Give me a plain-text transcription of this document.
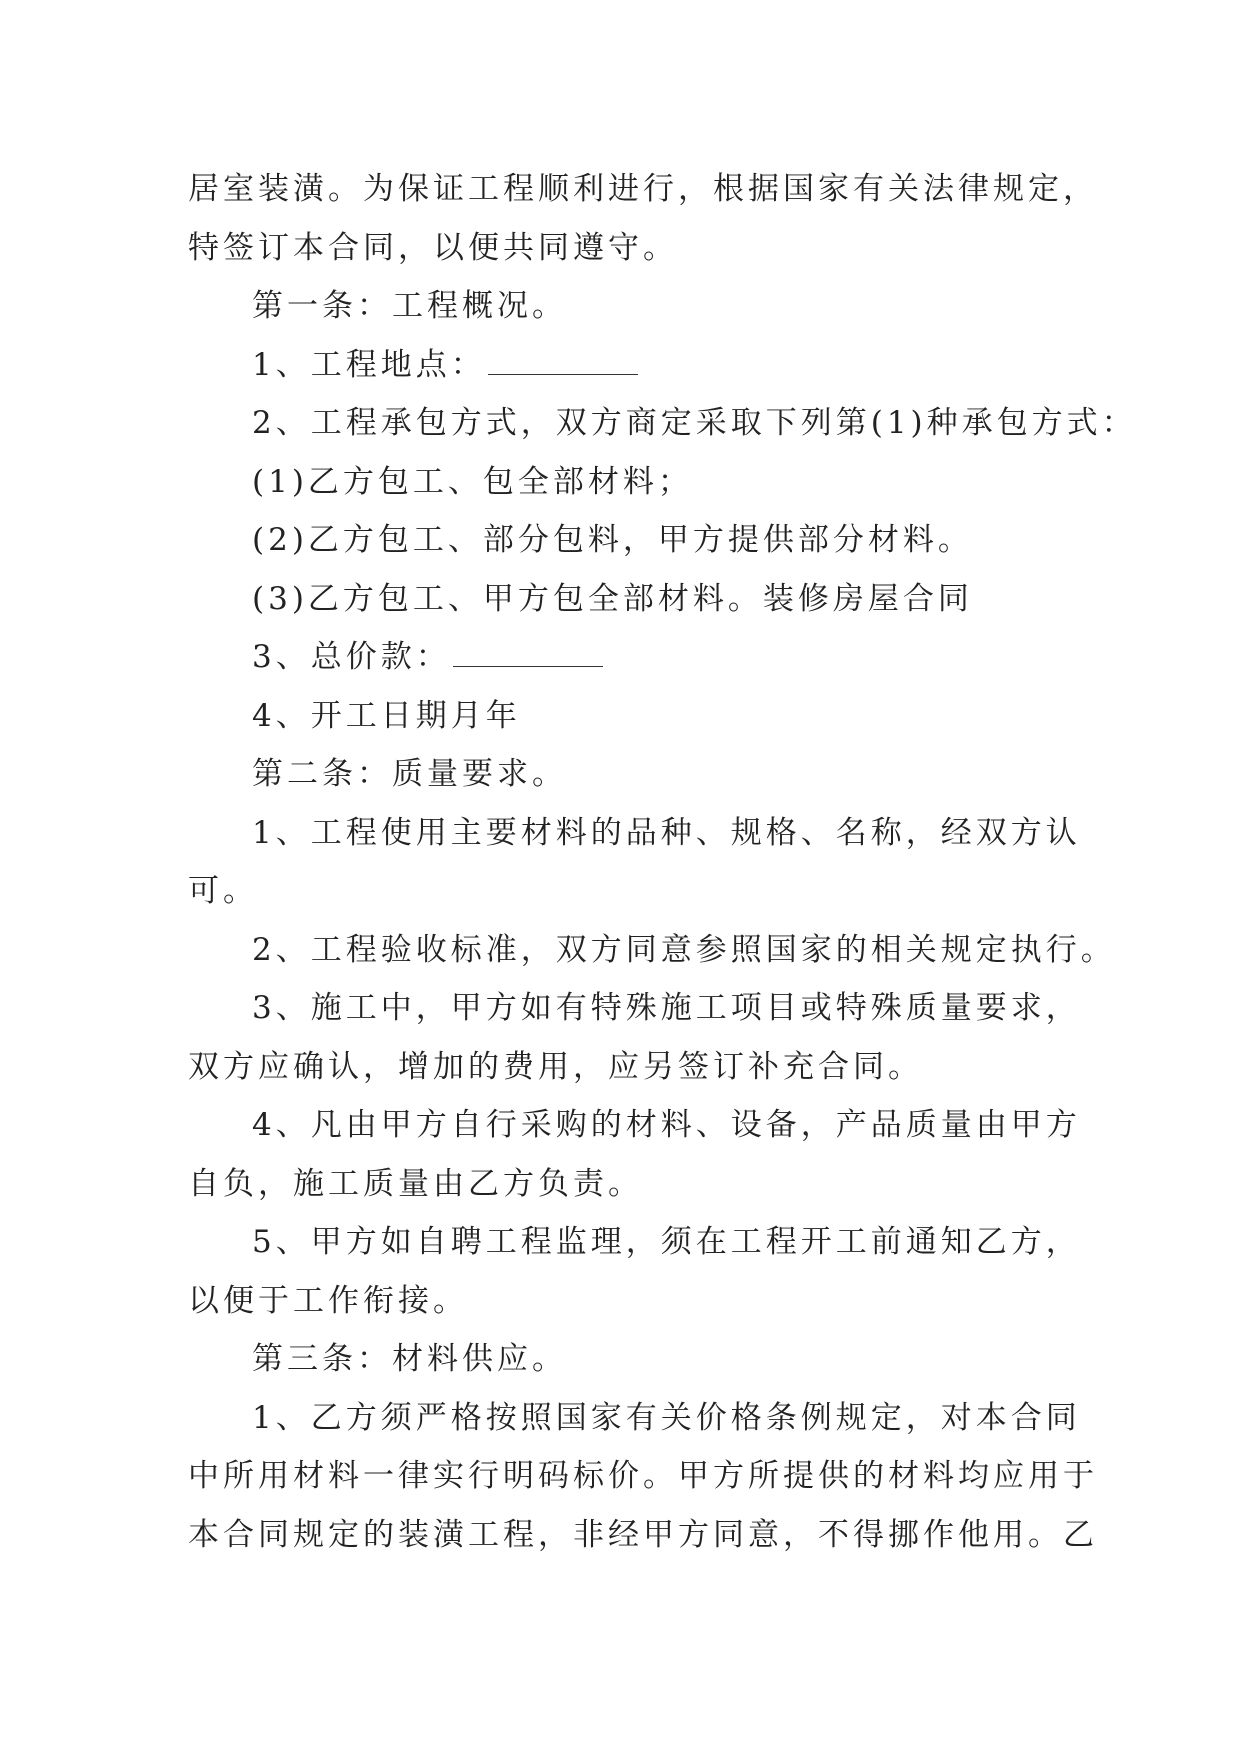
居室装潢。为保证工程顺利进行，根据国家有关法律规定，
特签订本合同，以便共同遵守。
第一条：工程概况。
1、工程地点：
2、工程承包方式，双方商定采取下列第(1)种承包方式：
(1)乙方包工、包全部材料；
(2)乙方包工、部分包料，甲方提供部分材料。
(3)乙方包工、甲方包全部材料。装修房屋合同
3、总价款：
4、开工日期月年
第二条：质量要求。
1、工程使用主要材料的品种、规格、名称，经双方认
可。
2、工程验收标准，双方同意参照国家的相关规定执行。
3、施工中，甲方如有特殊施工项目或特殊质量要求，
双方应确认，增加的费用，应另签订补充合同。
4、凡由甲方自行采购的材料、设备，产品质量由甲方
自负，施工质量由乙方负责。
5、甲方如自聘工程监理，须在工程开工前通知乙方，
以便于工作衔接。
第三条：材料供应。
1、乙方须严格按照国家有关价格条例规定，对本合同
中所用材料一律实行明码标价。甲方所提供的材料均应用于
本合同规定的装潢工程，非经甲方同意，不得挪作他用。乙
